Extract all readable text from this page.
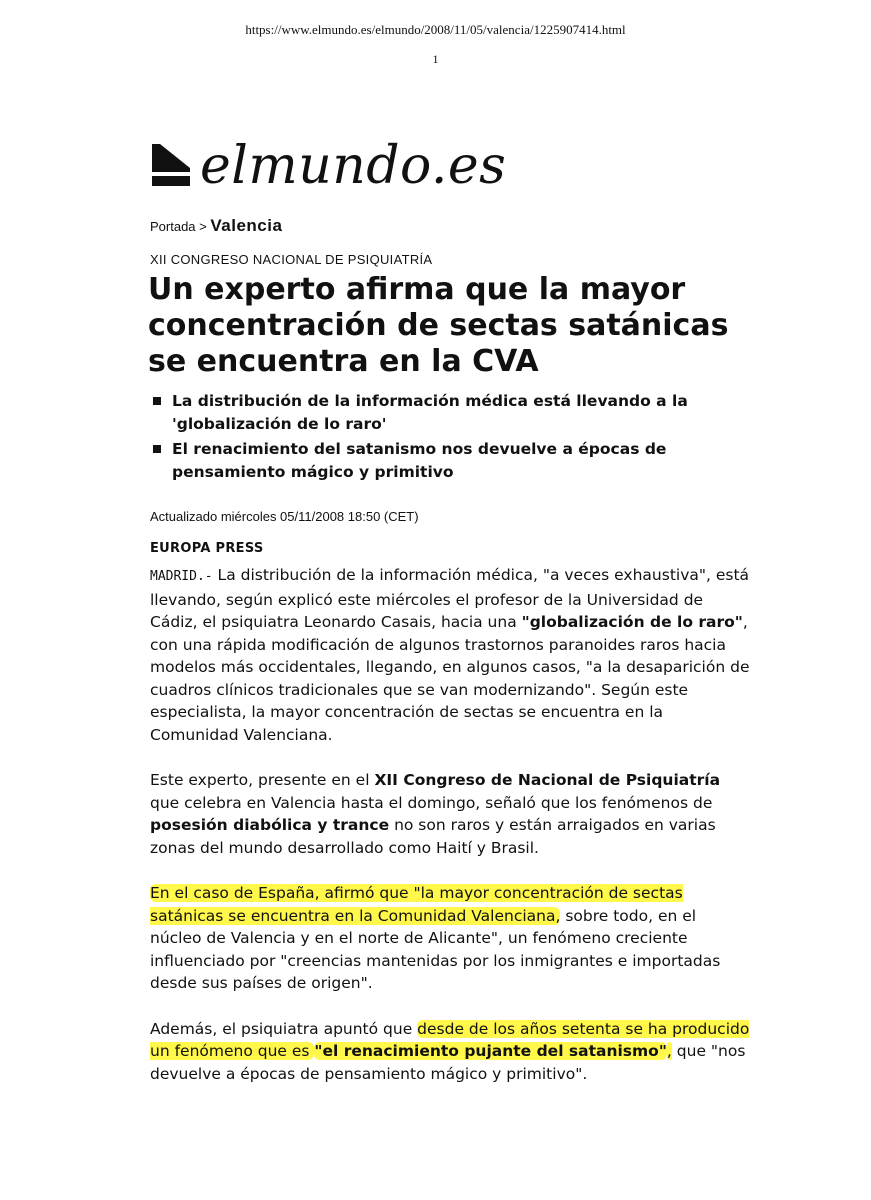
https://www.elmundo.es/elmundo/2008/11/05/valencia/1225907414.html
1
elmundo.es
Portada > Valencia
XII CONGRESO NACIONAL DE PSIQUIATRÍA
Un experto afirma que la mayor concentración de sectas satánicas se encuentra en la CVA
La distribución de la información médica está llevando a la 'globalización de lo raro'
El renacimiento del satanismo nos devuelve a épocas de pensamiento mágico y primitivo
Actualizado miércoles 05/11/2008 18:50 (CET)
EUROPA PRESS

MADRID.- La distribución de la información médica, "a veces exhaustiva", está llevando, según explicó este miércoles el profesor de la Universidad de Cádiz, el psiquiatra Leonardo Casais, hacia una "globalización de lo raro", con una rápida modificación de algunos trastornos paranoides raros hacia modelos más occidentales, llegando, en algunos casos, "a la desaparición de cuadros clínicos tradicionales que se van modernizando". Según este especialista, la mayor concentración de sectas se encuentra en la Comunidad Valenciana.

Este experto, presente en el XII Congreso de Nacional de Psiquiatría que celebra en Valencia hasta el domingo, señaló que los fenómenos de posesión diabólica y trance no son raros y están arraigados en varias zonas del mundo desarrollado como Haití y Brasil.

En el caso de España, afirmó que "la mayor concentración de sectas satánicas se encuentra en la Comunidad Valenciana, sobre todo, en el núcleo de Valencia y en el norte de Alicante", un fenómeno creciente influenciado por "creencias mantenidas por los inmigrantes e importadas desde sus países de origen".

Además, el psiquiatra apuntó que desde de los años setenta se ha producido un fenómeno que es "el renacimiento pujante del satanismo", que "nos devuelve a épocas de pensamiento mágico y primitivo".
